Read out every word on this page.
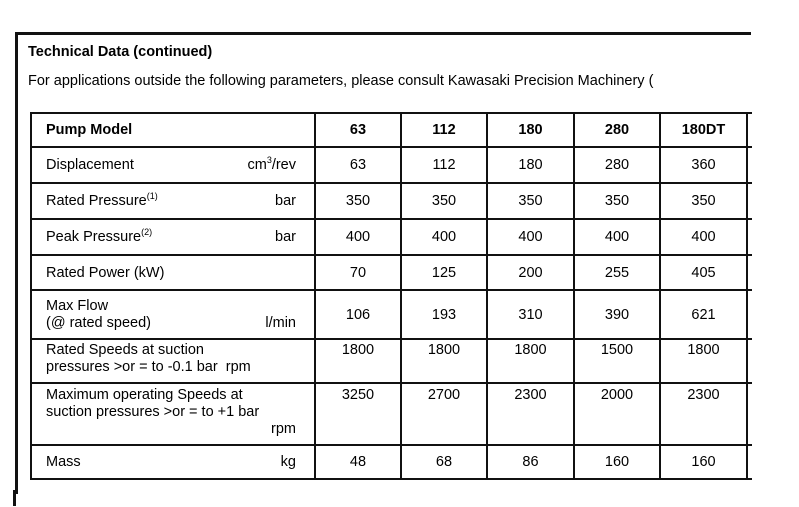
Technical Data (continued)
For applications outside the following parameters, please consult Kawasaki Precision Machinery (
Pump Model	63	112	180	280	180DT	

Displacement $cm^3$/rev	63	112	180	280	360	

Rated Pressure$^{(1)}$ bar	350	350	350	350	350	

Peak Pressure$^{(2)}$ bar	400	400	400	400	400	
Rated Power (kW)	70	125	200	255	405	

Max Flow
(@ rated speed) l/min	106	193	310	390	621	

Rated Speeds at suction
pressures >or = to -0.1 bar rpm	1800	1800	1800	1500	1800	

Maximum operating Speeds at
suction pressures >or = to +1 bar
rpm	3250	2700	2300	2000	2300	

Mass kg	48	68	86	160	160	
